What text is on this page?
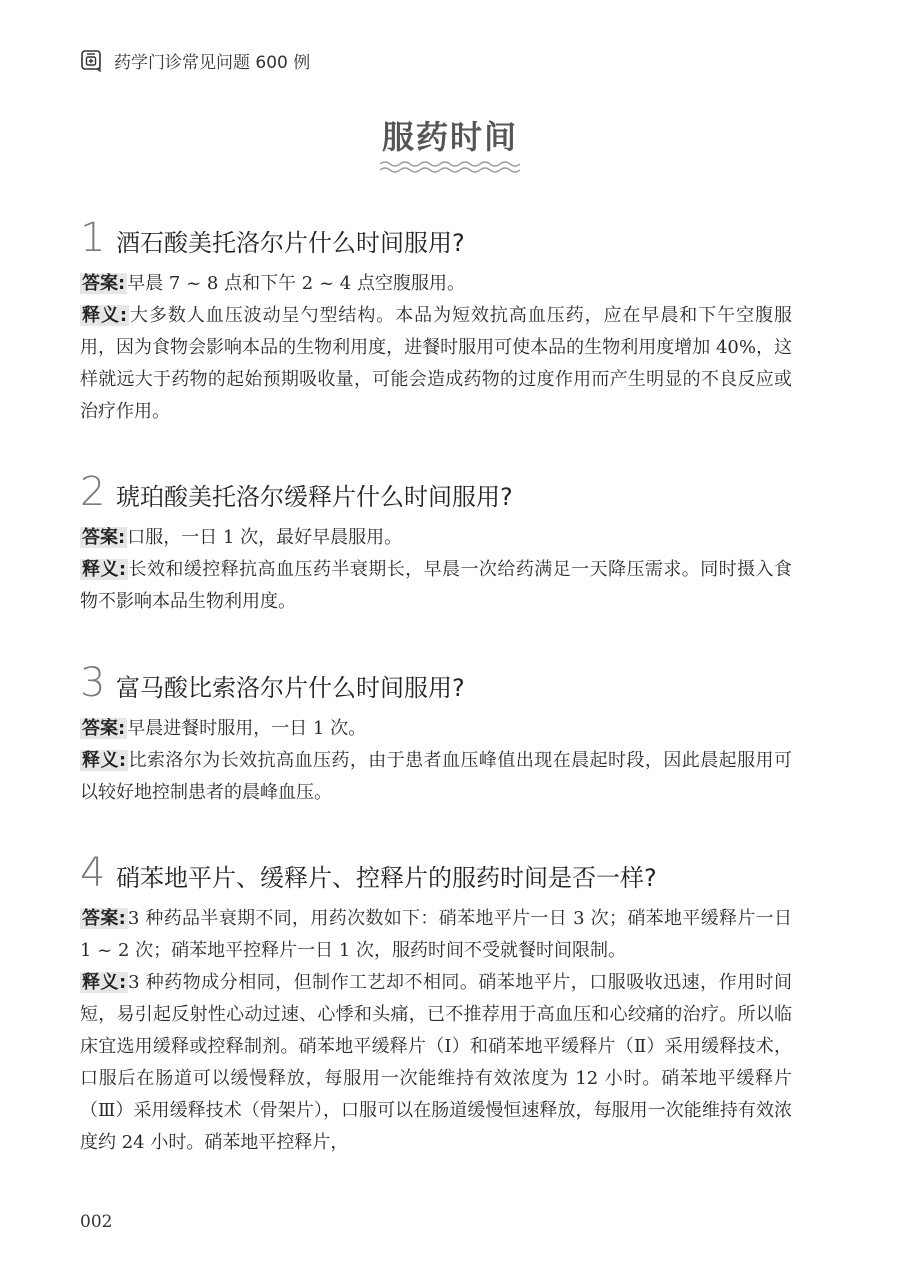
药学门诊常见问题 600 例
服药时间
1 酒石酸美托洛尔片什么时间服用?

答案: 早晨 7 ~ 8 点和下午 2 ~ 4 点空腹服用。

释义: 大多数人血压波动呈勺型结构。本品为短效抗高血压药，应在早晨和下午空腹服用，因为食物会影响本品的生物利用度，进餐时服用可使本品的生物利用度增加 40%，这样就远大于药物的起始预期吸收量，可能会造成药物的过度作用而产生明显的不良反应或治疗作用。

2 琥珀酸美托洛尔缓释片什么时间服用?

答案: 口服，一日 1 次，最好早晨服用。

释义: 长效和缓控释抗高血压药半衰期长，早晨一次给药满足一天降压需求。同时摄入食物不影响本品生物利用度。

3 富马酸比索洛尔片什么时间服用?

答案: 早晨进餐时服用，一日 1 次。

释义: 比索洛尔为长效抗高血压药，由于患者血压峰值出现在晨起时段，因此晨起服用可以较好地控制患者的晨峰血压。

4 硝苯地平片、缓释片、控释片的服药时间是否一样?

答案: 3 种药品半衰期不同，用药次数如下：硝苯地平片一日 3 次；硝苯地平缓释片一日 1 ~ 2 次；硝苯地平控释片一日 1 次，服药时间不受就餐时间限制。

释义: 3 种药物成分相同，但制作工艺却不相同。硝苯地平片，口服吸收迅速，作用时间短，易引起反射性心动过速、心悸和头痛，已不推荐用于高血压和心绞痛的治疗。所以临床宜选用缓释或控释制剂。硝苯地平缓释片（Ⅰ）和硝苯地平缓释片（Ⅱ）采用缓释技术，口服后在肠道可以缓慢释放，每服用一次能维持有效浓度为 12 小时。硝苯地平缓释片（Ⅲ）采用缓释技术（骨架片），口服可以在肠道缓慢恒速释放，每服用一次能维持有效浓度约 24 小时。硝苯地平控释片，

002
